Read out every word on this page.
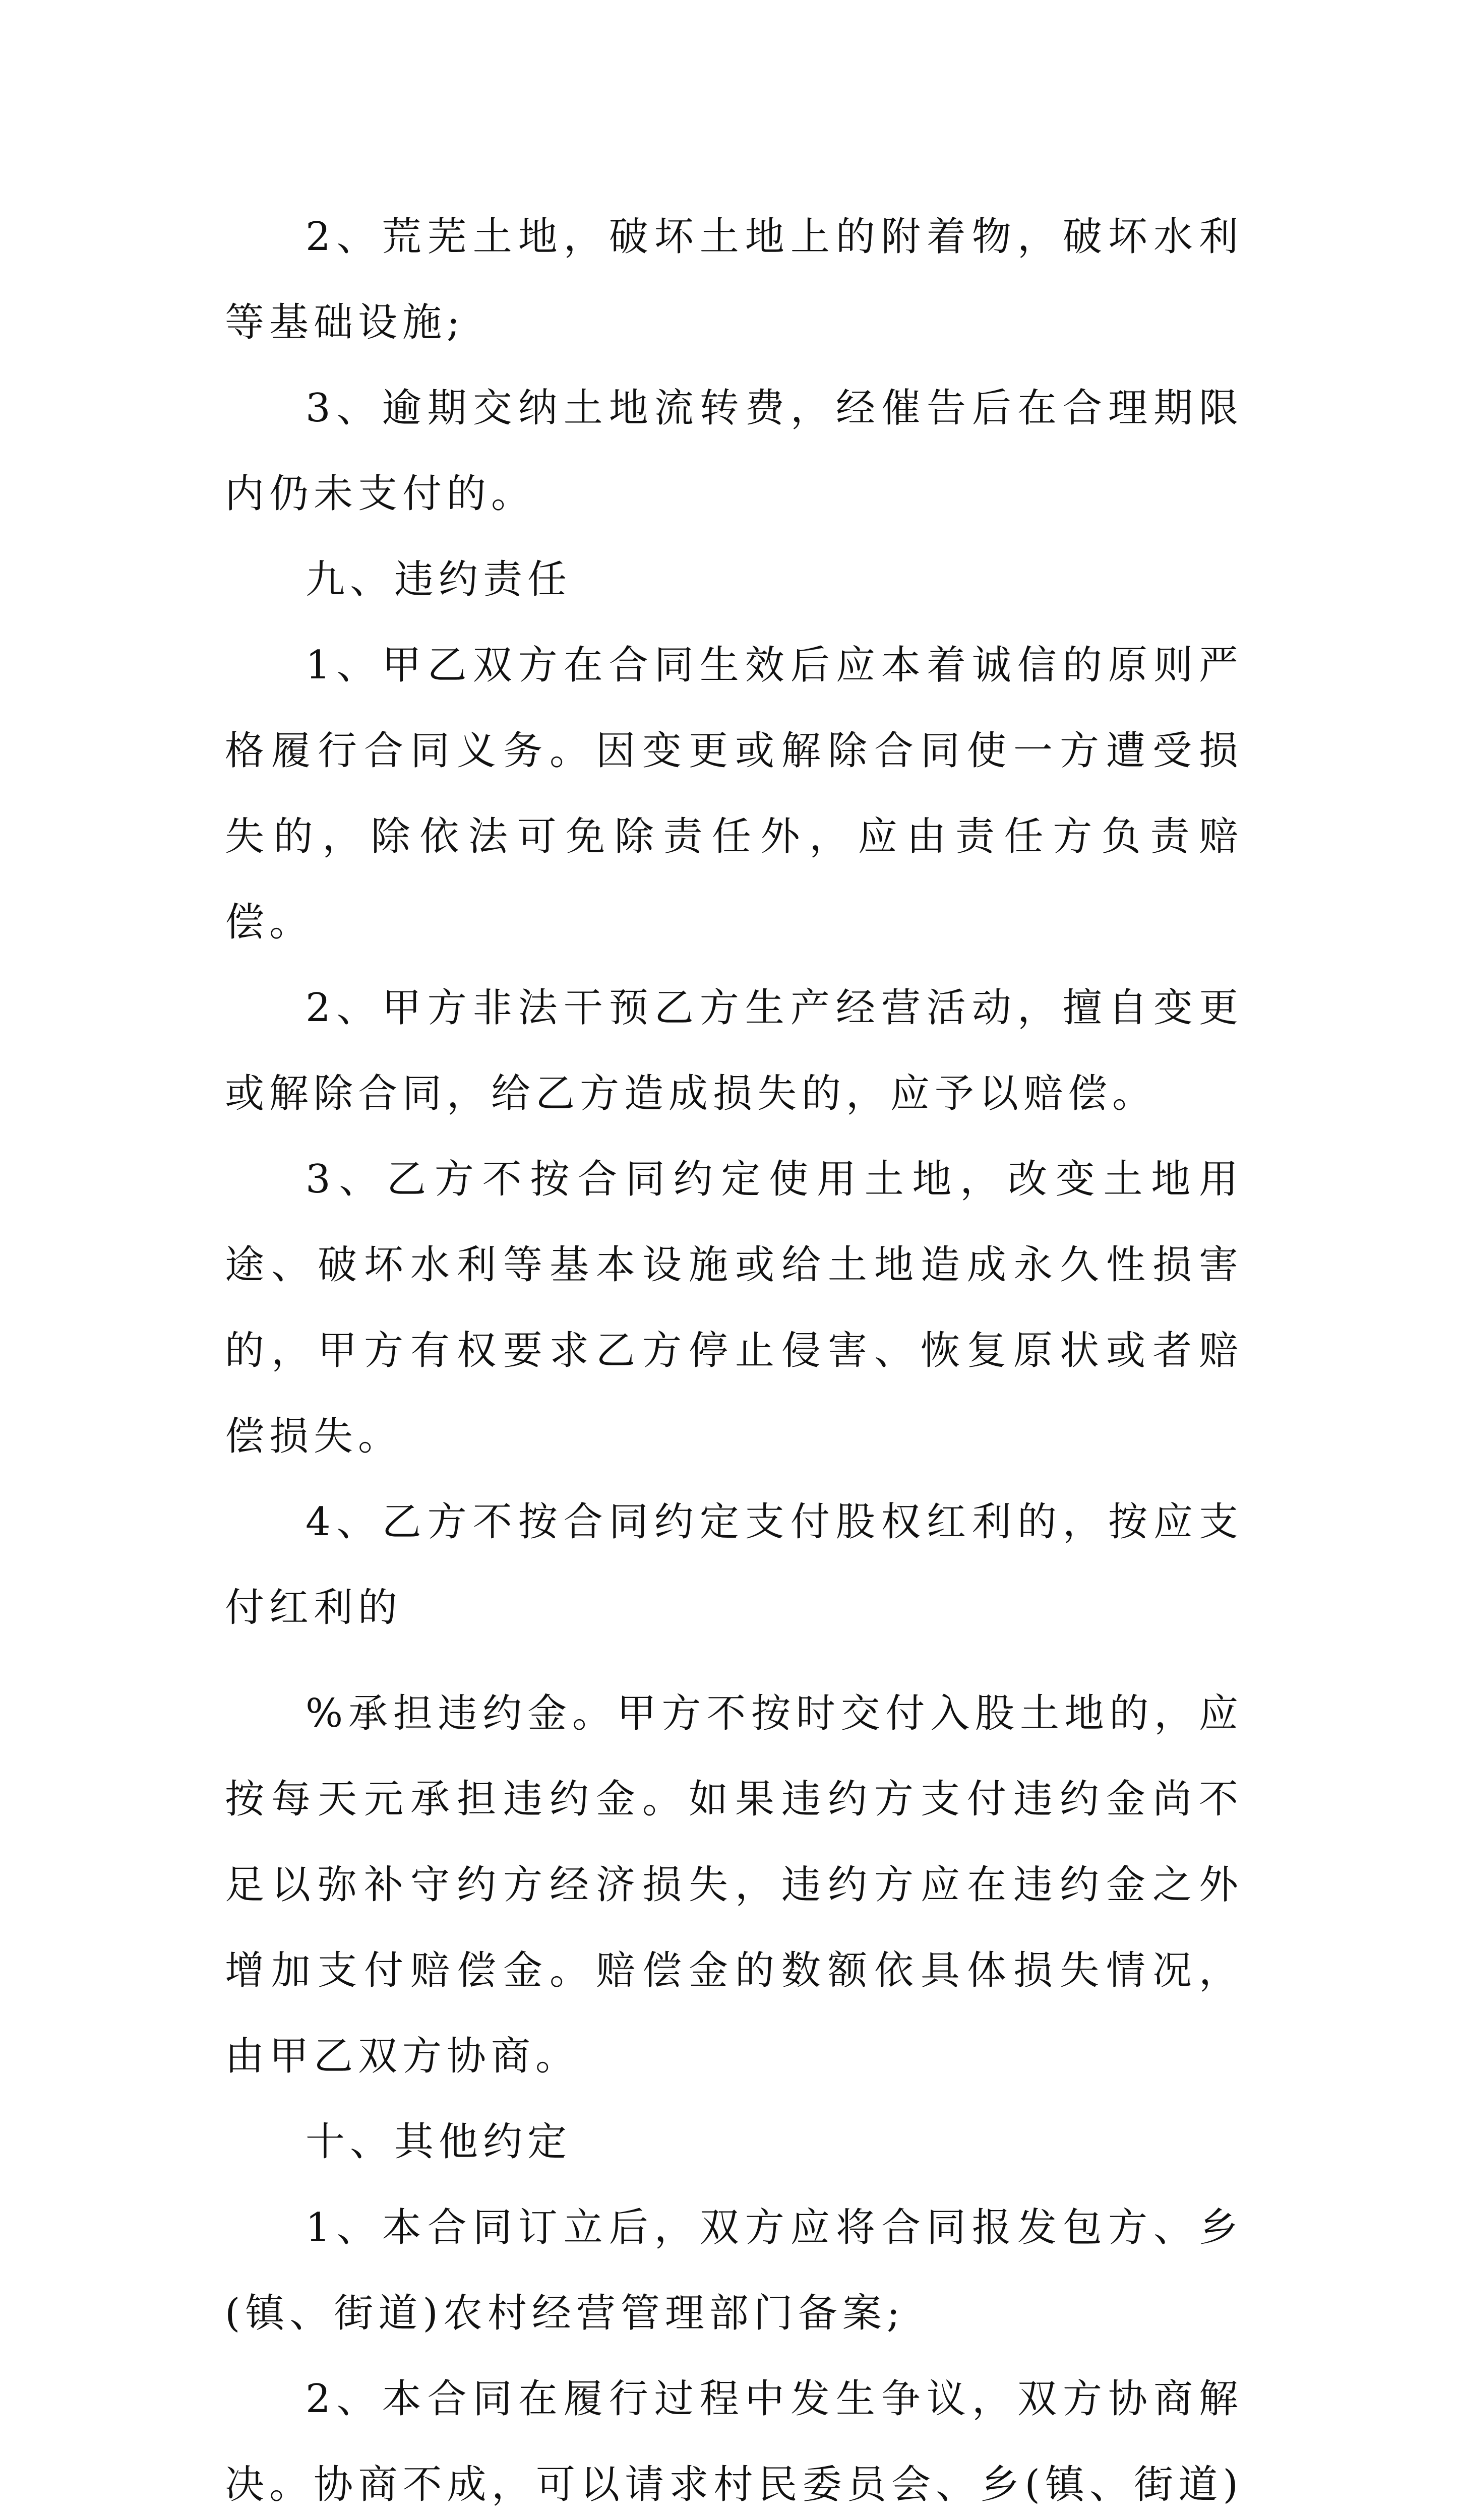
2、荒芜土地，破坏土地上的附着物，破坏水利等基础设施;

3、逾期交纳土地流转费，经催告后在合理期限内仍未支付的。

九、违约责任

1、甲乙双方在合同生效后应本着诚信的原则严格履行合同义务。因变更或解除合同使一方遭受损失的，除依法可免除责任外，应由责任方负责赔偿。

2、甲方非法干预乙方生产经营活动，擅自变更或解除合同，给乙方造成损失的，应予以赔偿。

3、乙方不按合同约定使用土地，改变土地用途、破坏水利等基本设施或给土地造成永久性损害的，甲方有权要求乙方停止侵害、恢复原状或者赔偿损失。

4、乙方不按合同约定支付股权红利的，按应支付红利的

%承担违约金。甲方不按时交付入股土地的，应按每天元承担违约金。如果违约方支付违约金尚不足以弥补守约方经济损失，违约方应在违约金之外增加支付赔偿金。赔偿金的数额依具体损失情况，由甲乙双方协商。

十、其他约定

1、本合同订立后，双方应将合同报发包方、乡(镇、街道)农村经营管理部门备案;

2、本合同在履行过程中发生争议，双方协商解决。协商不成，可以请求村民委员会、乡(镇、街道)
